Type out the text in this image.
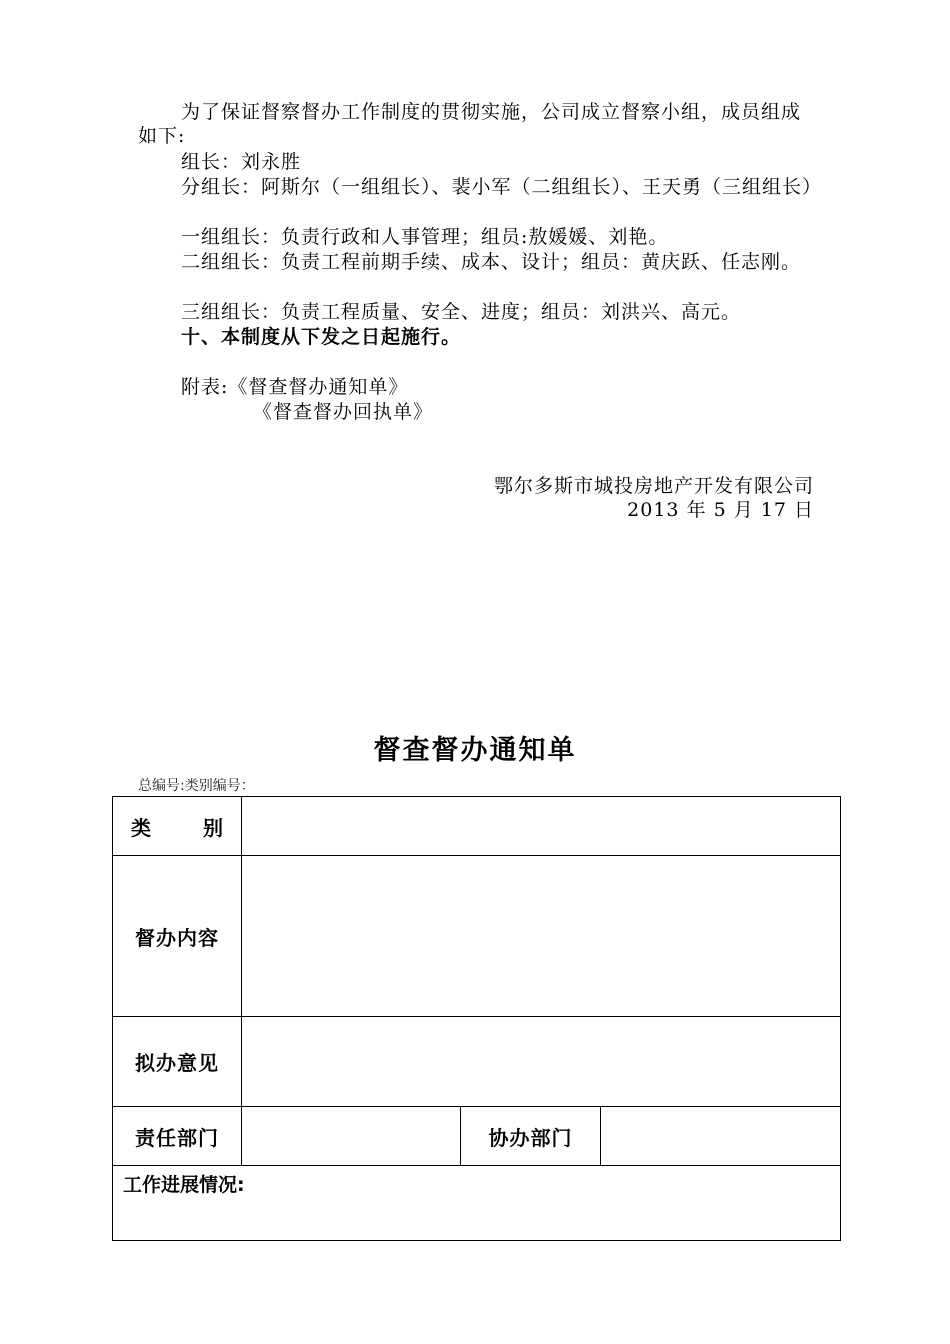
为了保证督察督办工作制度的贯彻实施，公司成立督察小组，成员组成如下:
组长：刘永胜
分组长：阿斯尔（一组组长）、裴小军（二组组长）、王天勇（三组组长）
一组组长：负责行政和人事管理；组员:敖媛媛、刘艳。
二组组长：负责工程前期手续、成本、设计；组员：黄庆跃、任志刚。
三组组长：负责工程质量、安全、进度；组员：刘洪兴、高元。
十、本制度从下发之日起施行。
附表:《督查督办通知单》
《督查督办回执单》
鄂尔多斯市城投房地产开发有限公司
2013 年 5 月 17 日
督查督办通知单
总编号:类别编号：
类 别			
督办内容			
拟办意见			
责任部门		协办部门	
工作进展情况:			
